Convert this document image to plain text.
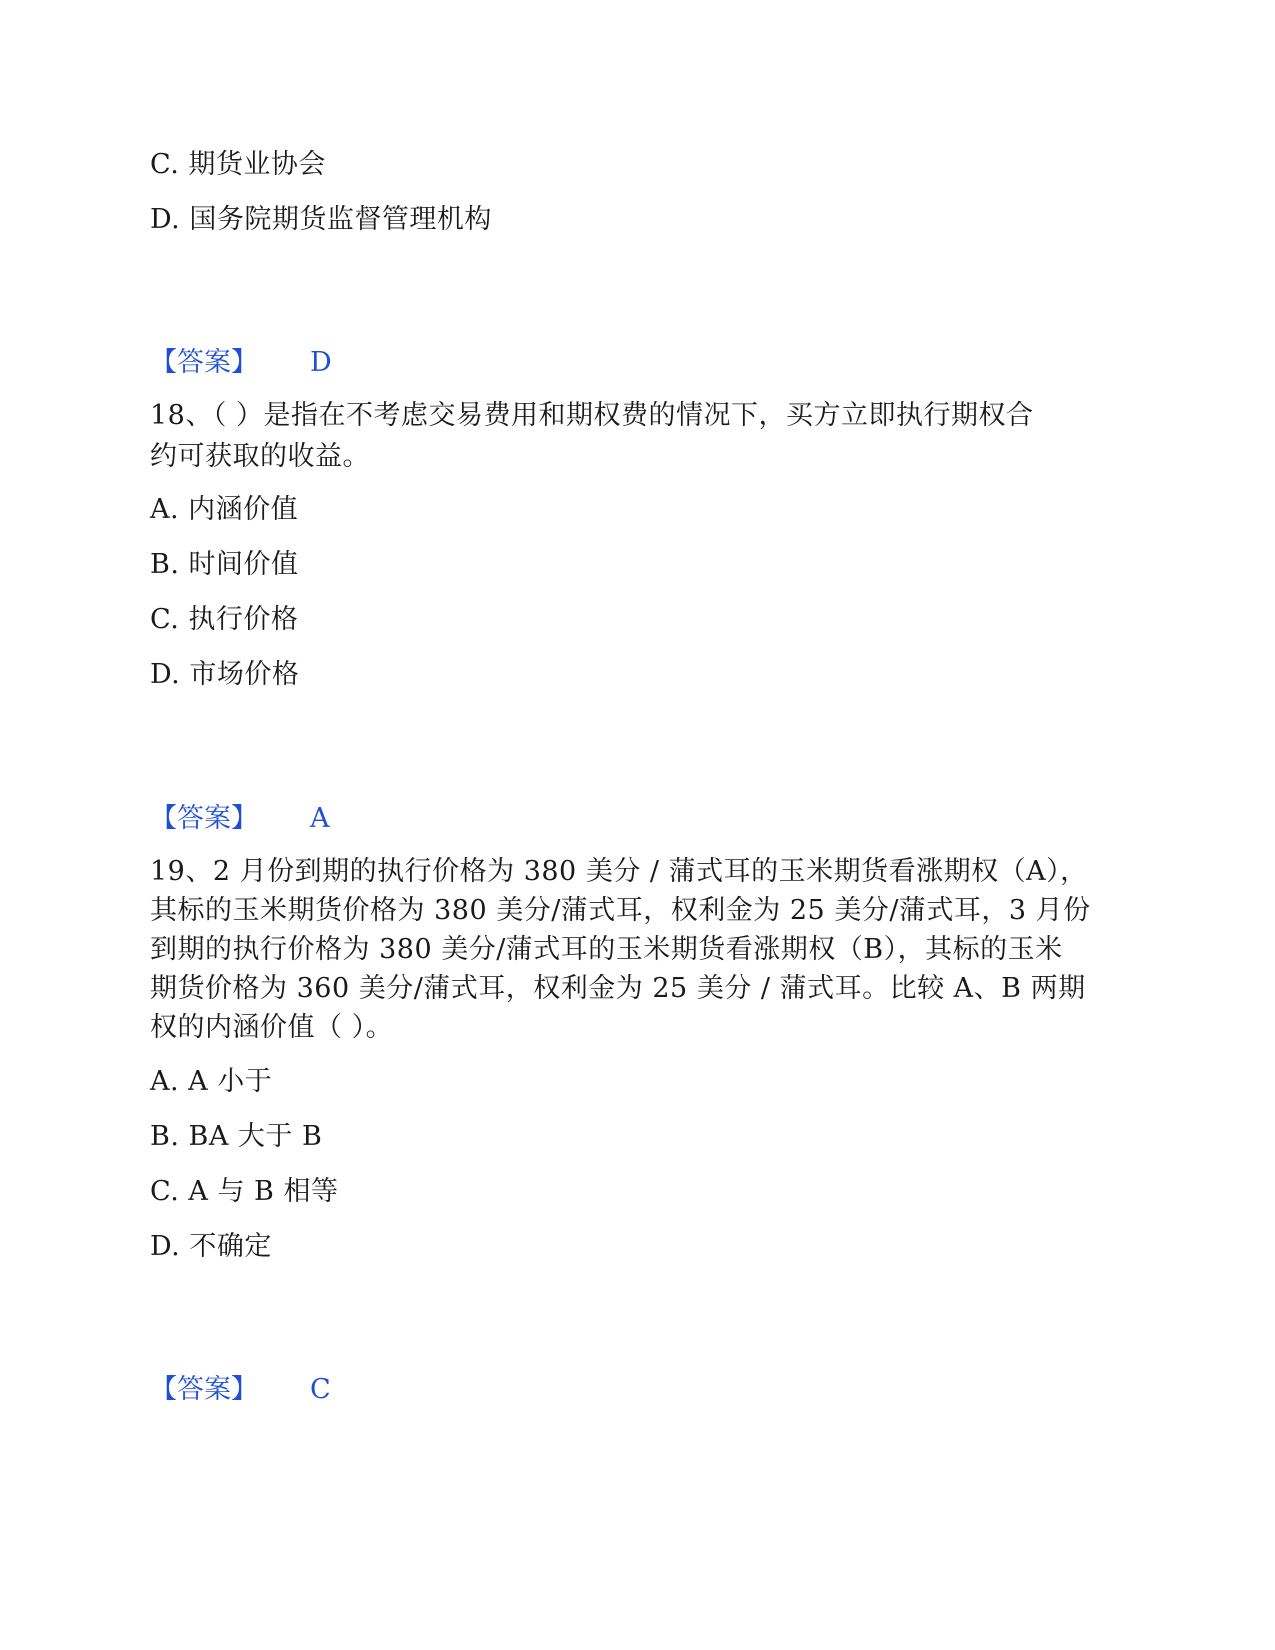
C. 期货业协会
D. 国务院期货监督管理机构
【答案】 D
18、（ ）是指在不考虑交易费用和期权费的情况下，买方立即执行期权合
约可获取的收益。
A. 内涵价值
B. 时间价值
C. 执行价格
D. 市场价格
【答案】 A
19、2 月份到期的执行价格为 380 美分 / 蒲式耳的玉米期货看涨期权（A），
其标的玉米期货价格为 380 美分/蒲式耳，权利金为 25 美分/蒲式耳，3 月份
到期的执行价格为 380 美分/蒲式耳的玉米期货看涨期权（B），其标的玉米
期货价格为 360 美分/蒲式耳，权利金为 25 美分 / 蒲式耳。比较 A、B 两期
权的内涵价值（ ）。
A. A 小于
B. BA 大于 B
C. A 与 B 相等
D. 不确定
【答案】 C
